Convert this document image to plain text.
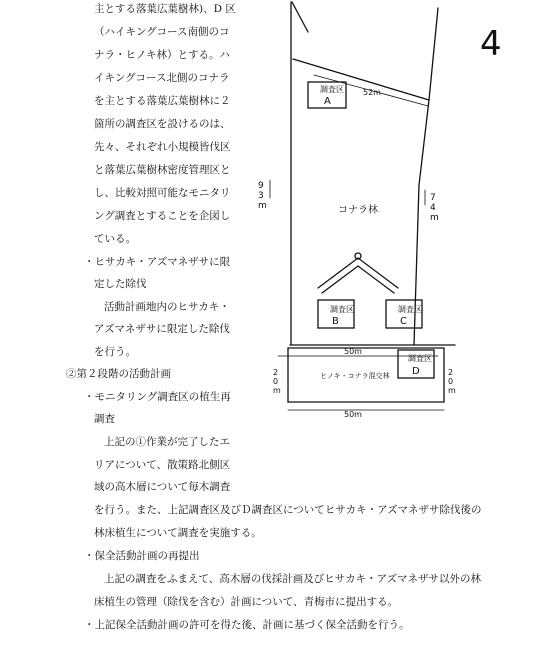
主とする落葉広葉樹林)、D 区
（ハイキングコース南側のコ
ナラ・ヒノキ林）とする。ハ
イキングコース北側のコナラ
を主とする落葉広葉樹林に２
箇所の調査区を設けるのは、
先々、それぞれ小規模皆伐区
と落葉広葉樹林密度管理区と
し、比較対照可能なモニタリ
ング調査とすることを企図し
ている。
・ヒサカキ・アズマネザサに限
定した除伐
活動計画地内のヒサカキ・
アズマネザサに限定した除伐
を行う。
②第２段階の活動計画
・モニタリング調査区の植生再
調査
上記の①作業が完了したエ
リアについて、散策路北側区
域の高木層について毎木調査
を行う。また、上記調査区及びＤ調査区についてヒサカキ・アズマネザサ除伐後の
林床植生について調査を実施する。
・保全活動計画の再提出
上記の調査をふまえて、高木層の伐採計画及びヒサカキ・アズマネザサ以外の林
床植生の管理（除伐を含む）計画について、青梅市に提出する。
・上記保全活動計画の許可を得た後、計画に基づく保全活動を行う。
4
調査区
A
調査区
B
調査区
C
調査区
D
52m
9
3
m
7
4
m
コナラ林
50m
ヒノキ・コナラ混交林
50m
2
0
m
2
0
m
